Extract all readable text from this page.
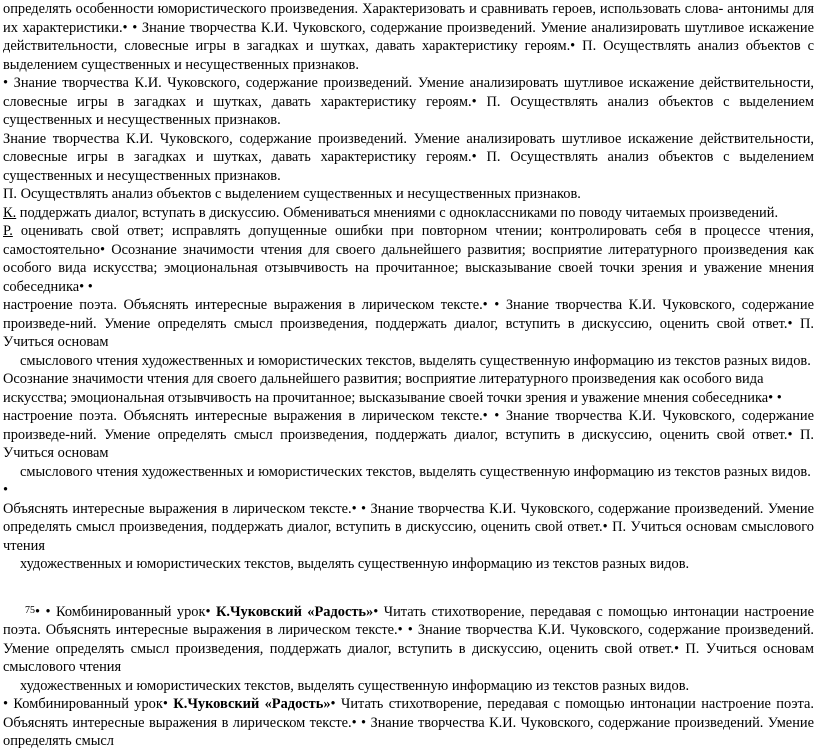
определять особенности юмористического произведения. Характеризовать и сравнивать героев, использовать слова- антонимы для их характеристики.• • Знание творчества К.И. Чуковского, содержание произведений. Умение анализировать шутливое искажение действительности, словесные игры в загадках и шутках, давать характеристику героям.• П. Осуществлять анализ объектов с выделением существенных и несущественных признаков.

• Знание творчества К.И. Чуковского, содержание произведений. Умение анализировать шутливое искажение действительности, словесные игры в загадках и шутках, давать характеристику героям.• П. Осуществлять анализ объектов с выделением существенных и несущественных признаков.

Знание творчества К.И. Чуковского, содержание произведений. Умение анализировать шутливое искажение действительности, словесные игры в загадках и шутках, давать характеристику героям.• П. Осуществлять анализ объектов с выделением существенных и несущественных признаков.

П. Осуществлять анализ объектов с выделением существенных и несущественных признаков.

К. поддержать диалог, вступать в дискуссию. Обмениваться мнениями с одноклассниками по поводу читаемых произведений.

Р. оценивать свой ответ; исправлять допущенные ошибки при повторном чтении; контролировать себя в процессе чтения, самостоятельно• Осознание значимости чтения для своего дальнейшего развития; восприятие литературного произведения как особого вида искусства; эмоциональная отзывчивость на прочитанное; высказывание своей точки зрения и уважение мнения собеседника• •

настроение поэта. Объяснять интересные выражения в лирическом тексте.• • Знание творчества К.И. Чуковского, содержание произведе-ний. Умение определять смысл произведения, поддержать диалог, вступить в дискуссию, оценить свой ответ.• П. Учиться основам

смыслового чтения художественных и юмористических текстов, выделять существенную информацию из текстов разных видов.

Осознание значимости чтения для своего дальнейшего развития; восприятие литературного произведения как особого вида искусства; эмоциональная отзывчивость на прочитанное; высказывание своей точки зрения и уважение мнения собеседника• •

настроение поэта. Объяснять интересные выражения в лирическом тексте.• • Знание творчества К.И. Чуковского, содержание произведе-ний. Умение определять смысл произведения, поддержать диалог, вступить в дискуссию, оценить свой ответ.• П. Учиться основам

смыслового чтения художественных и юмористических текстов, выделять существенную информацию из текстов разных видов.

•

Объяснять интересные выражения в лирическом тексте.• • Знание творчества К.И. Чуковского, содержание произведений. Умение определять смысл произведения, поддержать диалог, вступить в дискуссию, оценить свой ответ.• П. Учиться основам смыслового чтения

художественных и юмористических текстов, выделять существенную информацию из текстов разных видов.

$^{75}$• • Комбинированный урок• К.Чуковский «Радость»• Читать стихотворение, передавая с помощью интонации настроение поэта. Объяснять интересные выражения в лирическом тексте.• • Знание творчества К.И. Чуковского, содержание произведений. Умение определять смысл произведения, поддержать диалог, вступить в дискуссию, оценить свой ответ.• П. Учиться основам смыслового чтения

художественных и юмористических текстов, выделять существенную информацию из текстов разных видов.

• Комбинированный урок• К.Чуковский «Радость»• Читать стихотворение, передавая с помощью интонации настроение поэта. Объяснять интересные выражения в лирическом тексте.• • Знание творчества К.И. Чуковского, содержание произведений. Умение определять смысл
